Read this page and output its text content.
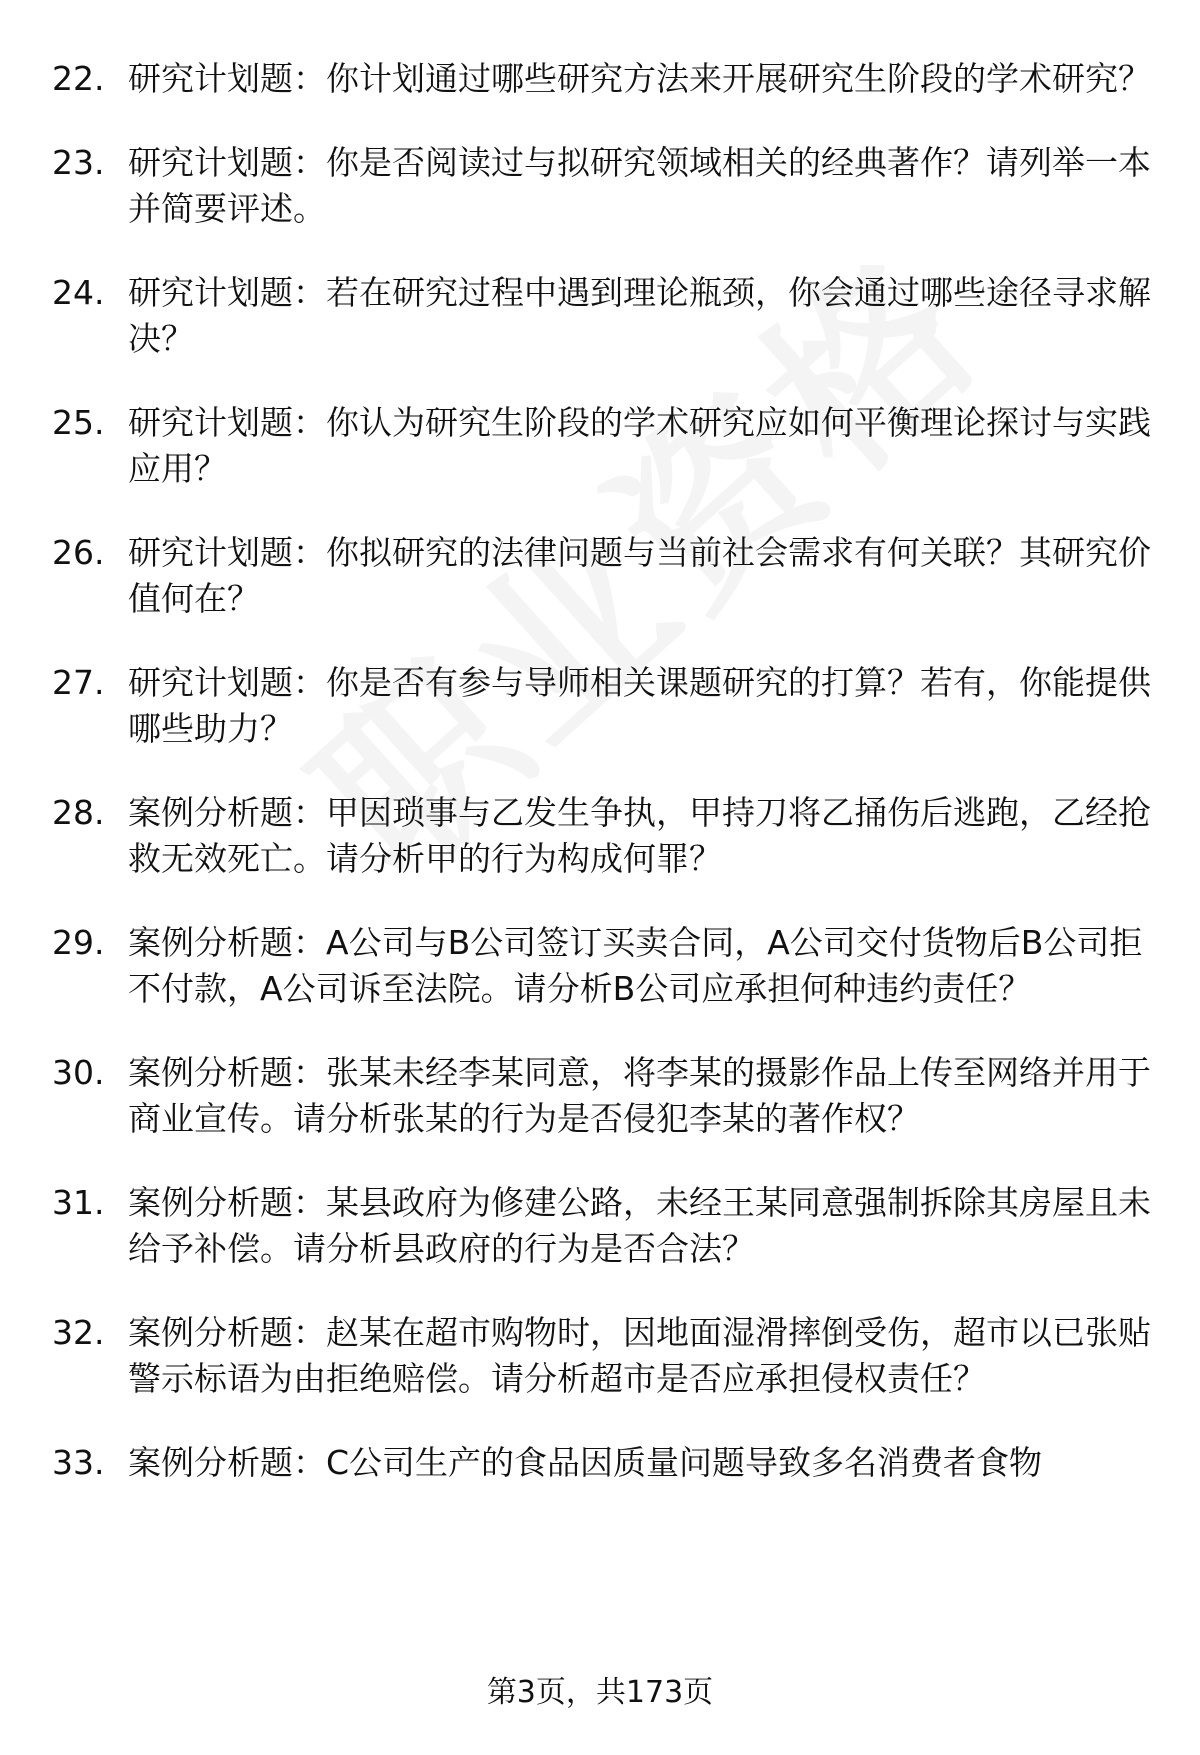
22. 研究计划题：你计划通过哪些研究方法来开展研究生阶段的学术研究？
23. 研究计划题：你是否阅读过与拟研究领域相关的经典著作？请列举一本并简要评述。
24. 研究计划题：若在研究过程中遇到理论瓶颈，你会通过哪些途径寻求解决？
25. 研究计划题：你认为研究生阶段的学术研究应如何平衡理论探讨与实践应用？
26. 研究计划题：你拟研究的法律问题与当前社会需求有何关联？其研究价值何在？
27. 研究计划题：你是否有参与导师相关课题研究的打算？若有，你能提供哪些助力？
28. 案例分析题：甲因琐事与乙发生争执，甲持刀将乙捅伤后逃跑，乙经抢救无效死亡。请分析甲的行为构成何罪？
29. 案例分析题：A公司与B公司签订买卖合同，A公司交付货物后B公司拒不付款，A公司诉至法院。请分析B公司应承担何种违约责任？
30. 案例分析题：张某未经李某同意，将李某的摄影作品上传至网络并用于商业宣传。请分析张某的行为是否侵犯李某的著作权？
31. 案例分析题：某县政府为修建公路，未经王某同意强制拆除其房屋且未给予补偿。请分析县政府的行为是否合法？
32. 案例分析题：赵某在超市购物时，因地面湿滑摔倒受伤，超市以已张贴警示标语为由拒绝赔偿。请分析超市是否应承担侵权责任？
33. 案例分析题：C公司生产的食品因质量问题导致多名消费者食物
第3页，共173页
